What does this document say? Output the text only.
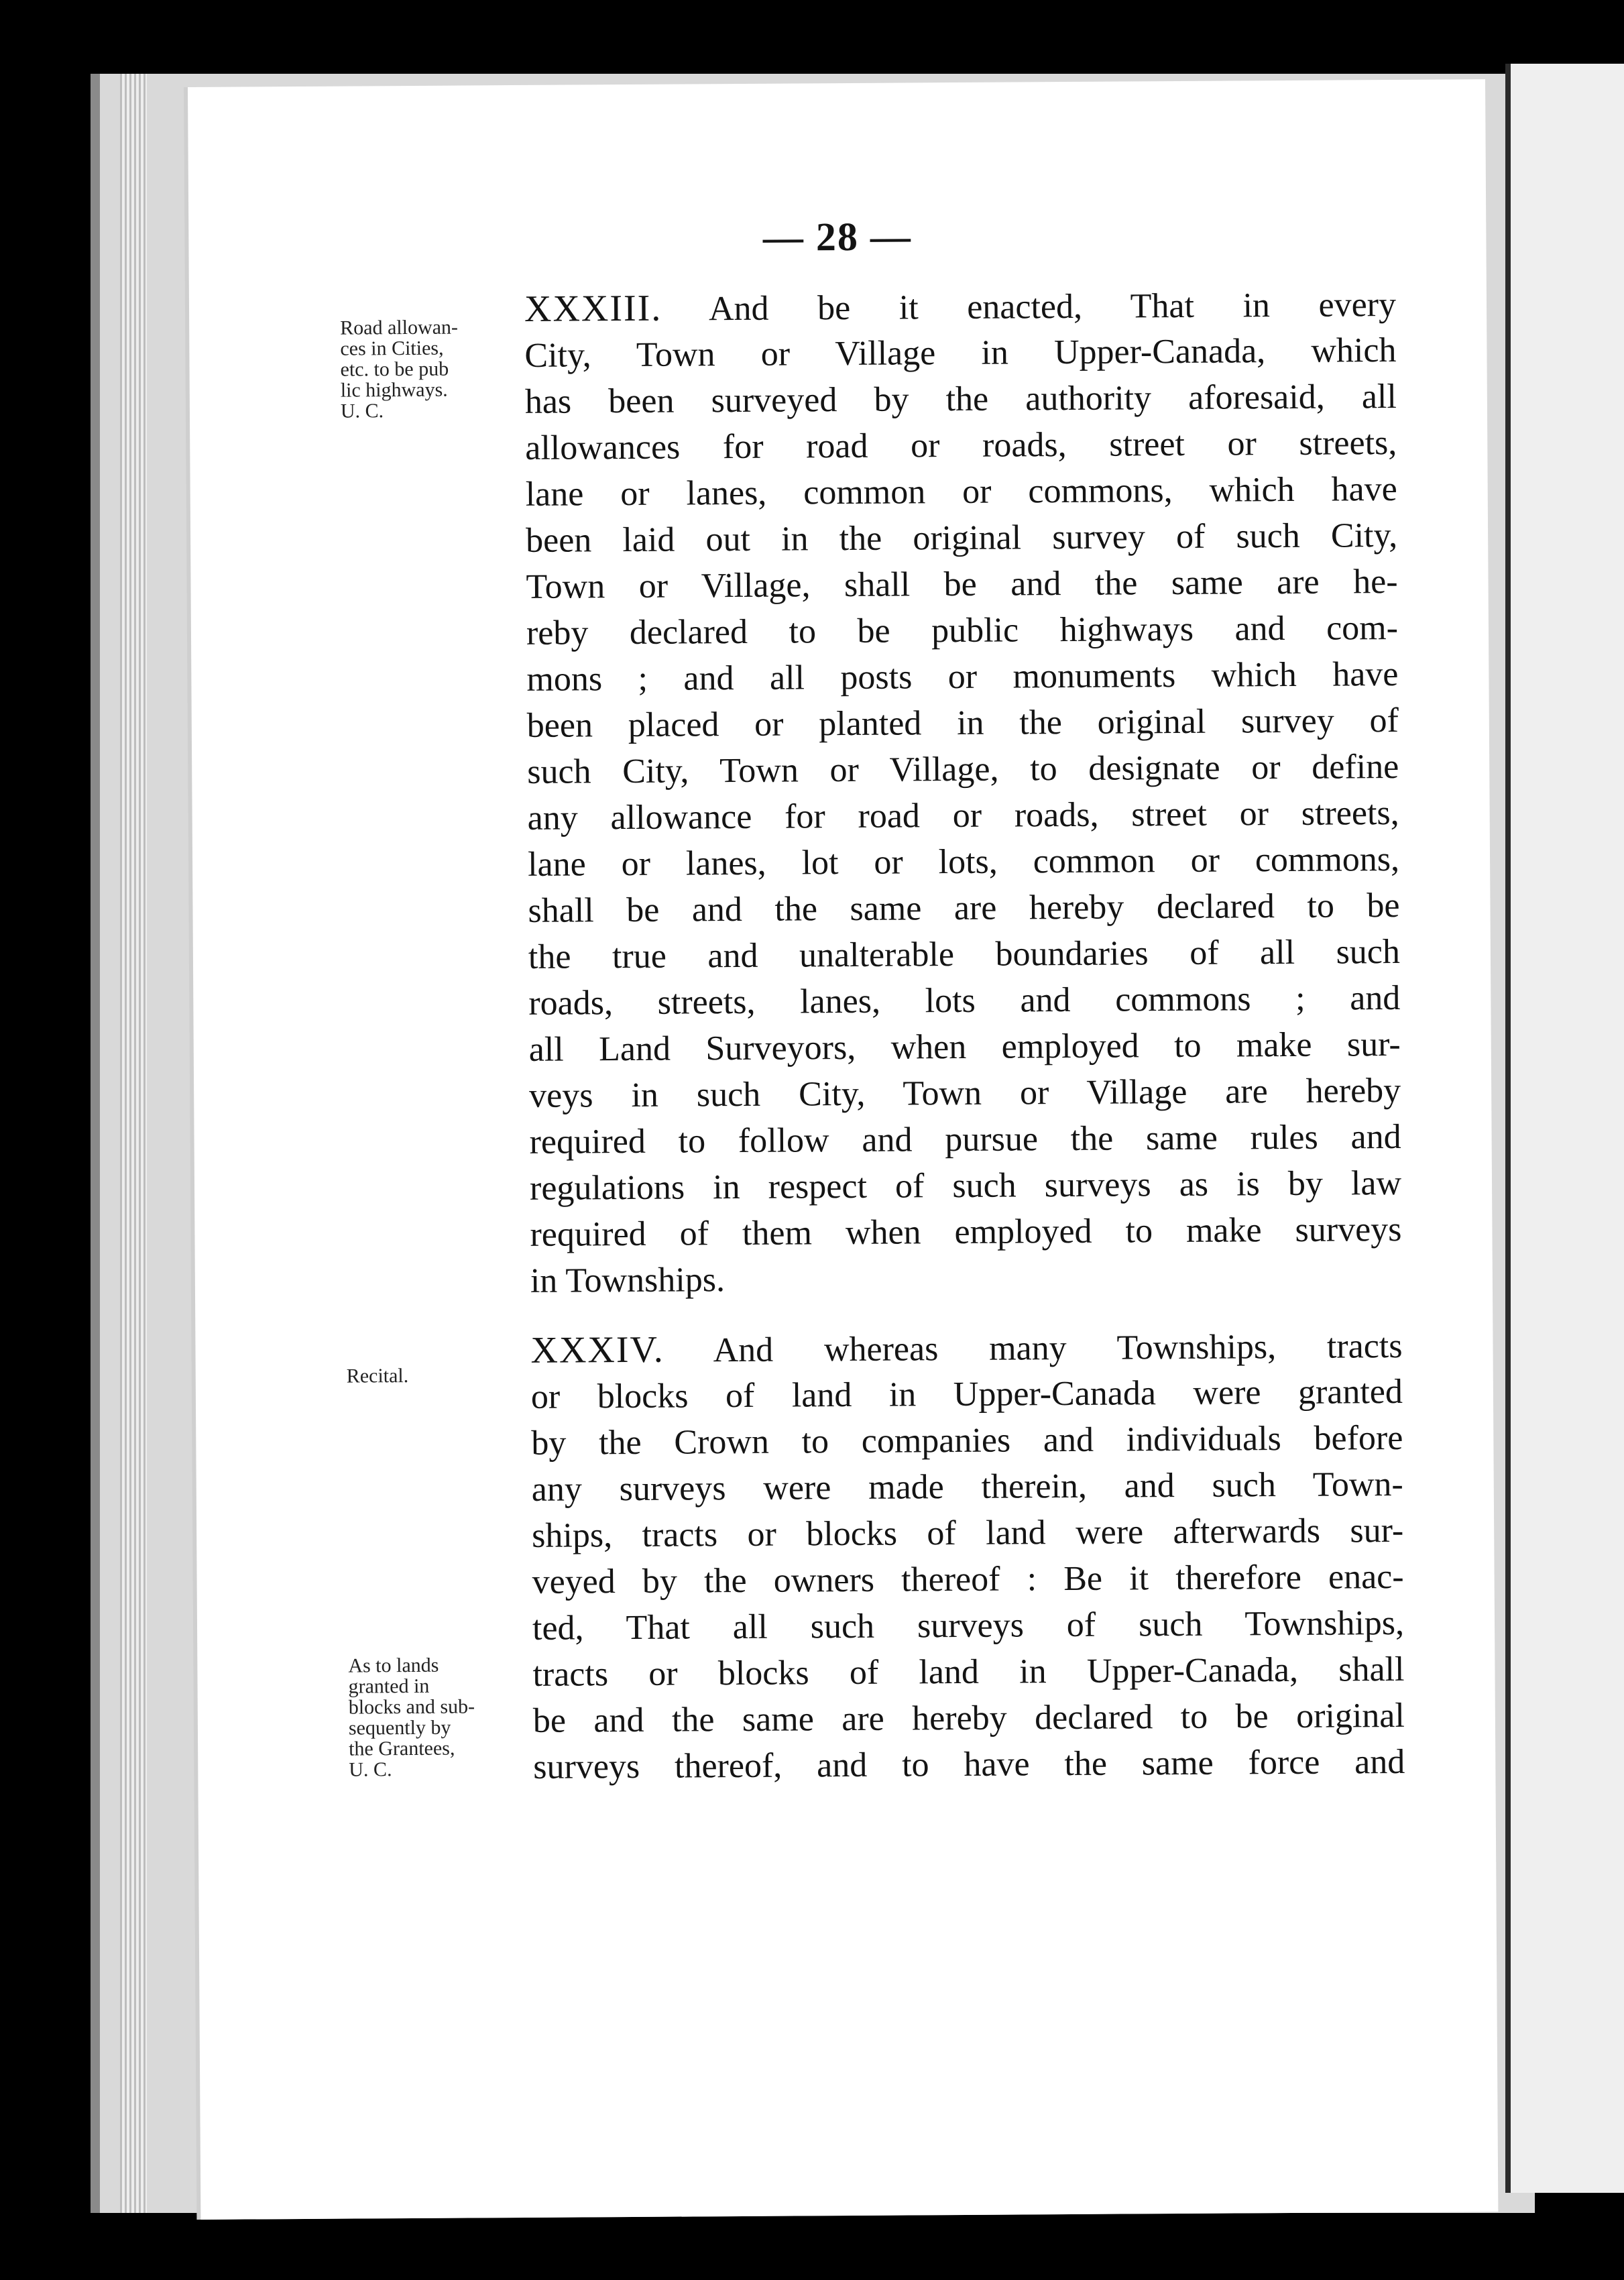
— 28 —
Road allowan-
ces in Cities,
etc. to be pub
lic highways.
U. C.
Recital.
As to lands
granted in
blocks and sub-
sequently by
the Grantees,
U. C.
XXXIII. And be it enacted, That in every
City, Town or Village in Upper-Canada, which
has been surveyed by the authority aforesaid, all
allowances for road or roads, street or streets,
lane or lanes, common or commons, which have
been laid out in the original survey of such City,
Town or Village, shall be and the same are he-
reby declared to be public highways and com-
mons ; and all posts or monuments which have
been placed or planted in the original survey of
such City, Town or Village, to designate or define
any allowance for road or roads, street or streets,
lane or lanes, lot or lots, common or commons,
shall be and the same are hereby declared to be
the true and unalterable boundaries of all such
roads, streets, lanes, lots and commons ; and
all Land Surveyors, when employed to make sur-
veys in such City, Town or Village are hereby
required to follow and pursue the same rules and
regulations in respect of such surveys as is by law
required of them when employed to make surveys
in Townships.
XXXIV. And whereas many Townships, tracts
or blocks of land in Upper-Canada were granted
by the Crown to companies and individuals before
any surveys were made therein, and such Town-
ships, tracts or blocks of land were afterwards sur-
veyed by the owners thereof : Be it therefore enac-
ted, That all such surveys of such Townships,
tracts or blocks of land in Upper-Canada, shall
be and the same are hereby declared to be original
surveys thereof, and to have the same force and
